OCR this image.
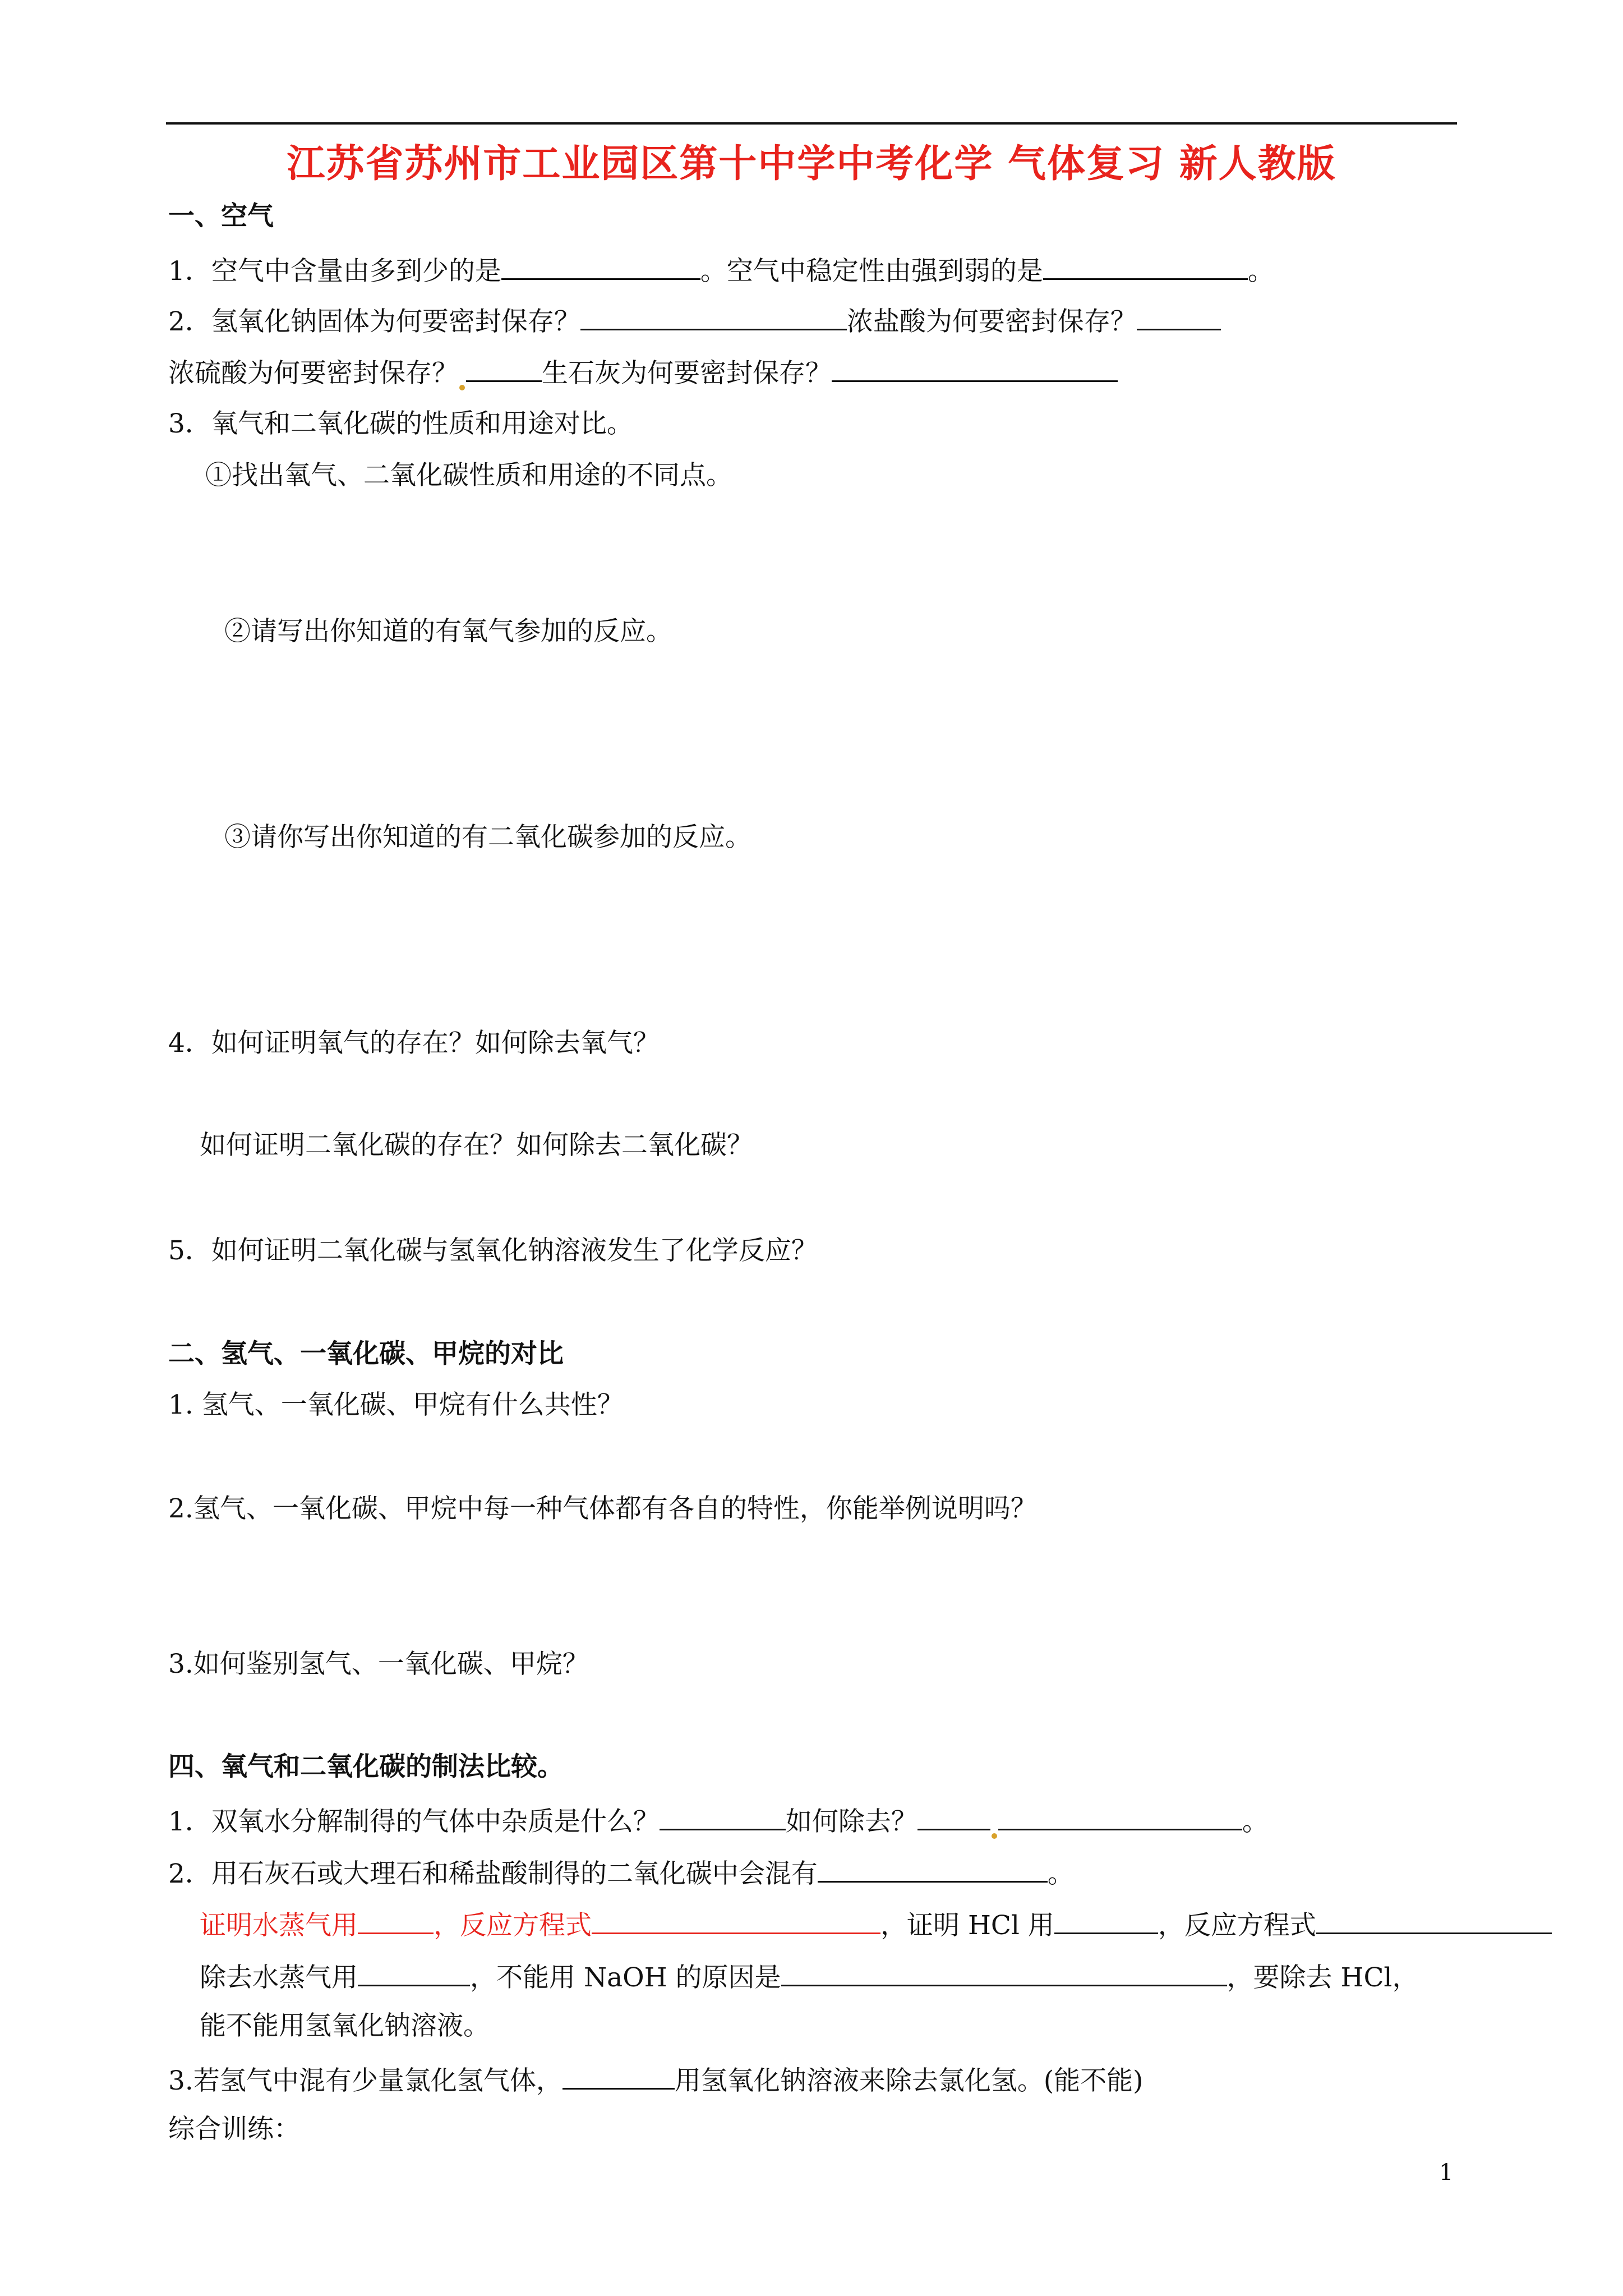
江苏省苏州市工业园区第十中学中考化学 气体复习 新人教版
一、空气
1．空气中含量由多到少的是	。空气中稳定性由强到弱的是	。
2．氢氧化钠固体为何要密封保存？	浓盐酸为何要密封保存？
浓硫酸为何要密封保存？	生石灰为何要密封保存？
3．氧气和二氧化碳的性质和用途对比。
①找出氧气、二氧化碳性质和用途的不同点。
②请写出你知道的有氧气参加的反应。
③请你写出你知道的有二氧化碳参加的反应。
4．如何证明氧气的存在？如何除去氧气？
如何证明二氧化碳的存在？如何除去二氧化碳？
5．如何证明二氧化碳与氢氧化钠溶液发生了化学反应？
二、氢气、一氧化碳、甲烷的对比
1. 氢气、一氧化碳、甲烷有什么共性？
2.氢气、一氧化碳、甲烷中每一种气体都有各自的特性，你能举例说明吗？
3.如何鉴别氢气、一氧化碳、甲烷？
四、氧气和二氧化碳的制法比较。
1．双氧水分解制得的气体中杂质是什么？	如何除去？	。
2．用石灰石或大理石和稀盐酸制得的二氧化碳中会混有	。
证明水蒸气用	，反应方程式	，证明 HCl 用	，反应方程式
除去水蒸气用	，不能用 NaOH 的原因是	，要除去 HCl，
能不能用氢氧化钠溶液。
3.若氢气中混有少量氯化氢气体，	用氢氧化钠溶液来除去氯化氢。(能不能)
综合训练：
1
